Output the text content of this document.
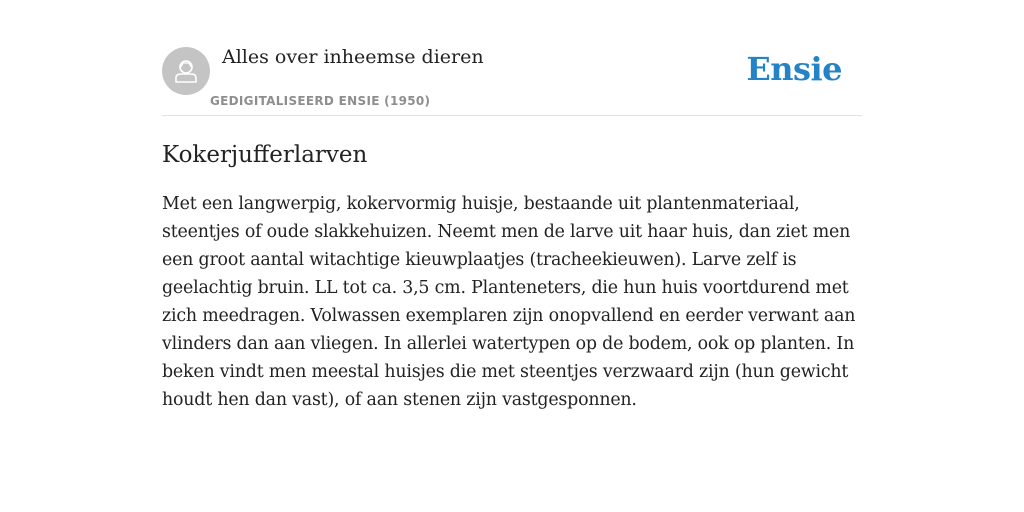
Alles over inheemse dieren
GEDIGITALISEERD ENSIE (1950)
Ensie
Kokerjufferlarven

Met een langwerpig, kokervormig huisje, bestaande uit plantenmateriaal, steentjes of oude slakkehuizen. Neemt men de larve uit haar huis, dan ziet men een groot aantal witachtige kieuwplaatjes (tracheekieuwen). Larve zelf is geelachtig bruin. LL tot ca. 3,5 cm. Planteneters, die hun huis voortdurend met zich meedragen. Volwassen exemplaren zijn onopvallend en eerder verwant aan vlinders dan aan vliegen. In allerlei watertypen op de bodem, ook op planten. In beken vindt men meestal huisjes die met steentjes verzwaard zijn (hun gewicht houdt hen dan vast), of aan stenen zijn vastgesponnen.
